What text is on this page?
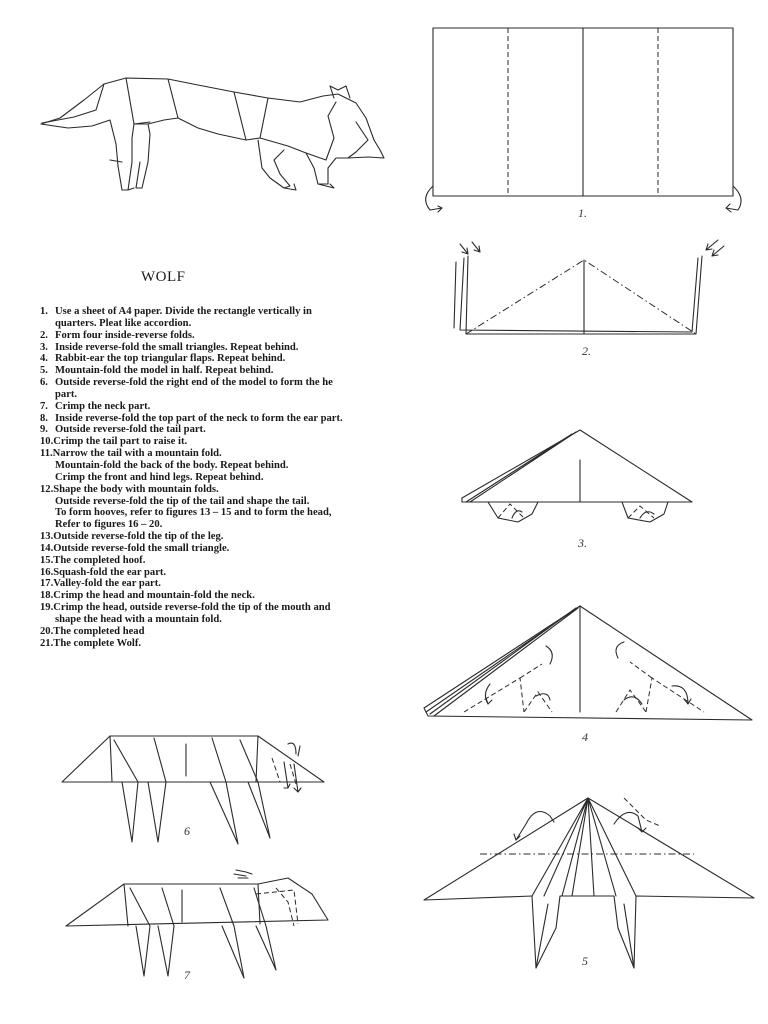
1.
2.
3.
4
5
6
7
WOLF
1. Use a sheet of A4 paper. Divide the rectangle vertically in
quarters. Pleat like accordion.
2. Form four inside-reverse folds.
3. Inside reverse-fold the small triangles. Repeat behind.
4. Rabbit-ear the top triangular flaps. Repeat behind.
5. Mountain-fold the model in half. Repeat behind.
6. Outside reverse-fold the right end of the model to form the he
part.
7. Crimp the neck part.
8. Inside reverse-fold the top part of the neck to form the ear part.
9. Outside reverse-fold the tail part.
10. Crimp the tail part to raise it.
11. Narrow the tail with a mountain fold.
Mountain-fold the back of the body. Repeat behind.
Crimp the front and hind legs. Repeat behind.
12. Shape the body with mountain folds.
Outside reverse-fold the tip of the tail and shape the tail.
To form hooves, refer to figures 13 – 15 and to form the head,
Refer to figures 16 – 20.
13. Outside reverse-fold the tip of the leg.
14. Outside reverse-fold the small triangle.
15. The completed hoof.
16. Squash-fold the ear part.
17. Valley-fold the ear part.
18. Crimp the head and mountain-fold the neck.
19. Crimp the head, outside reverse-fold the tip of the mouth and
shape the head with a mountain fold.
20. The completed head
21. The complete Wolf.
